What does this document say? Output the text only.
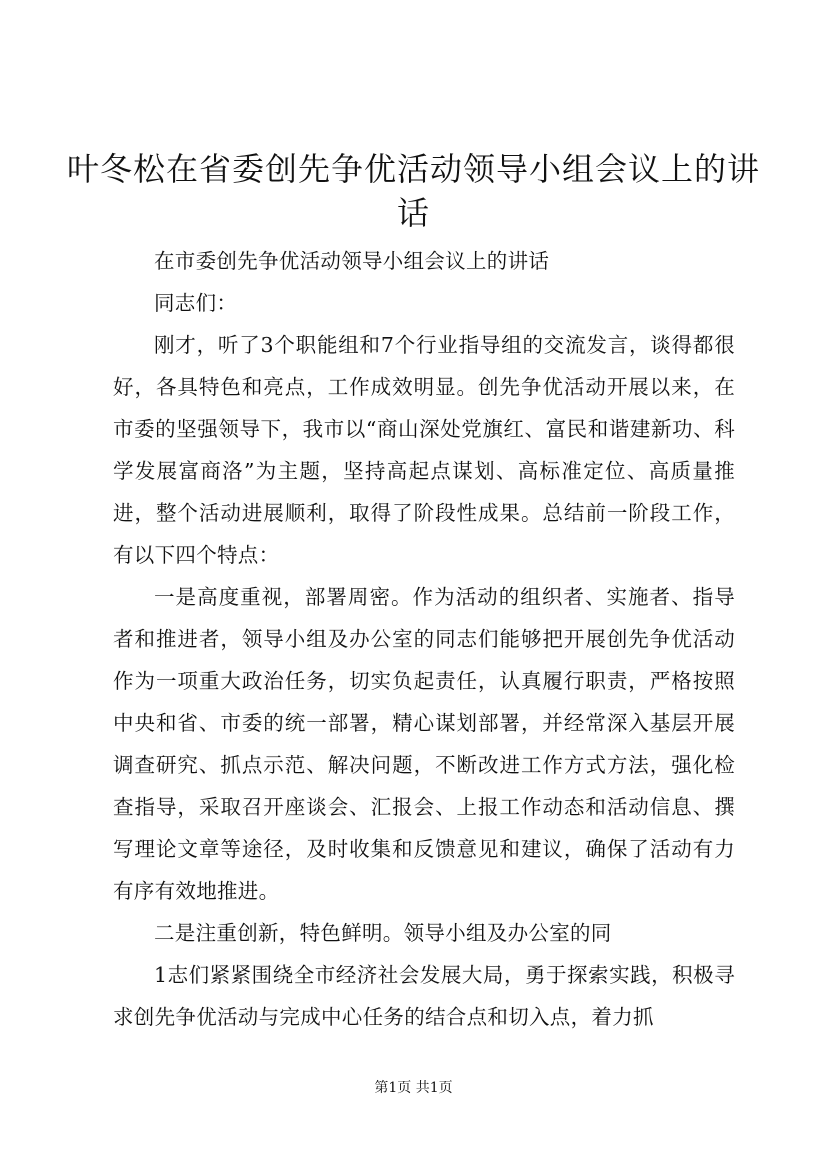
叶冬松在省委创先争优活动领导小组会议上的讲话

在市委创先争优活动领导小组会议上的讲话

同志们：

刚才，听了3个职能组和7个行业指导组的交流发言，谈得都很好，各具特色和亮点，工作成效明显。创先争优活动开展以来，在市委的坚强领导下，我市以“商山深处党旗红、富民和谐建新功、科学发展富商洛”为主题，坚持高起点谋划、高标准定位、高质量推进，整个活动进展顺利，取得了阶段性成果。总结前一阶段工作，有以下四个特点：

一是高度重视，部署周密。作为活动的组织者、实施者、指导者和推进者，领导小组及办公室的同志们能够把开展创先争优活动作为一项重大政治任务，切实负起责任，认真履行职责，严格按照中央和省、市委的统一部署，精心谋划部署，并经常深入基层开展调查研究、抓点示范、解决问题，不断改进工作方式方法，强化检查指导，采取召开座谈会、汇报会、上报工作动态和活动信息、撰写理论文章等途径，及时收集和反馈意见和建议，确保了活动有力有序有效地推进。

二是注重创新，特色鲜明。领导小组及办公室的同

1志们紧紧围绕全市经济社会发展大局，勇于探索实践，积极寻求创先争优活动与完成中心任务的结合点和切入点，着力抓

第1页 共1页
